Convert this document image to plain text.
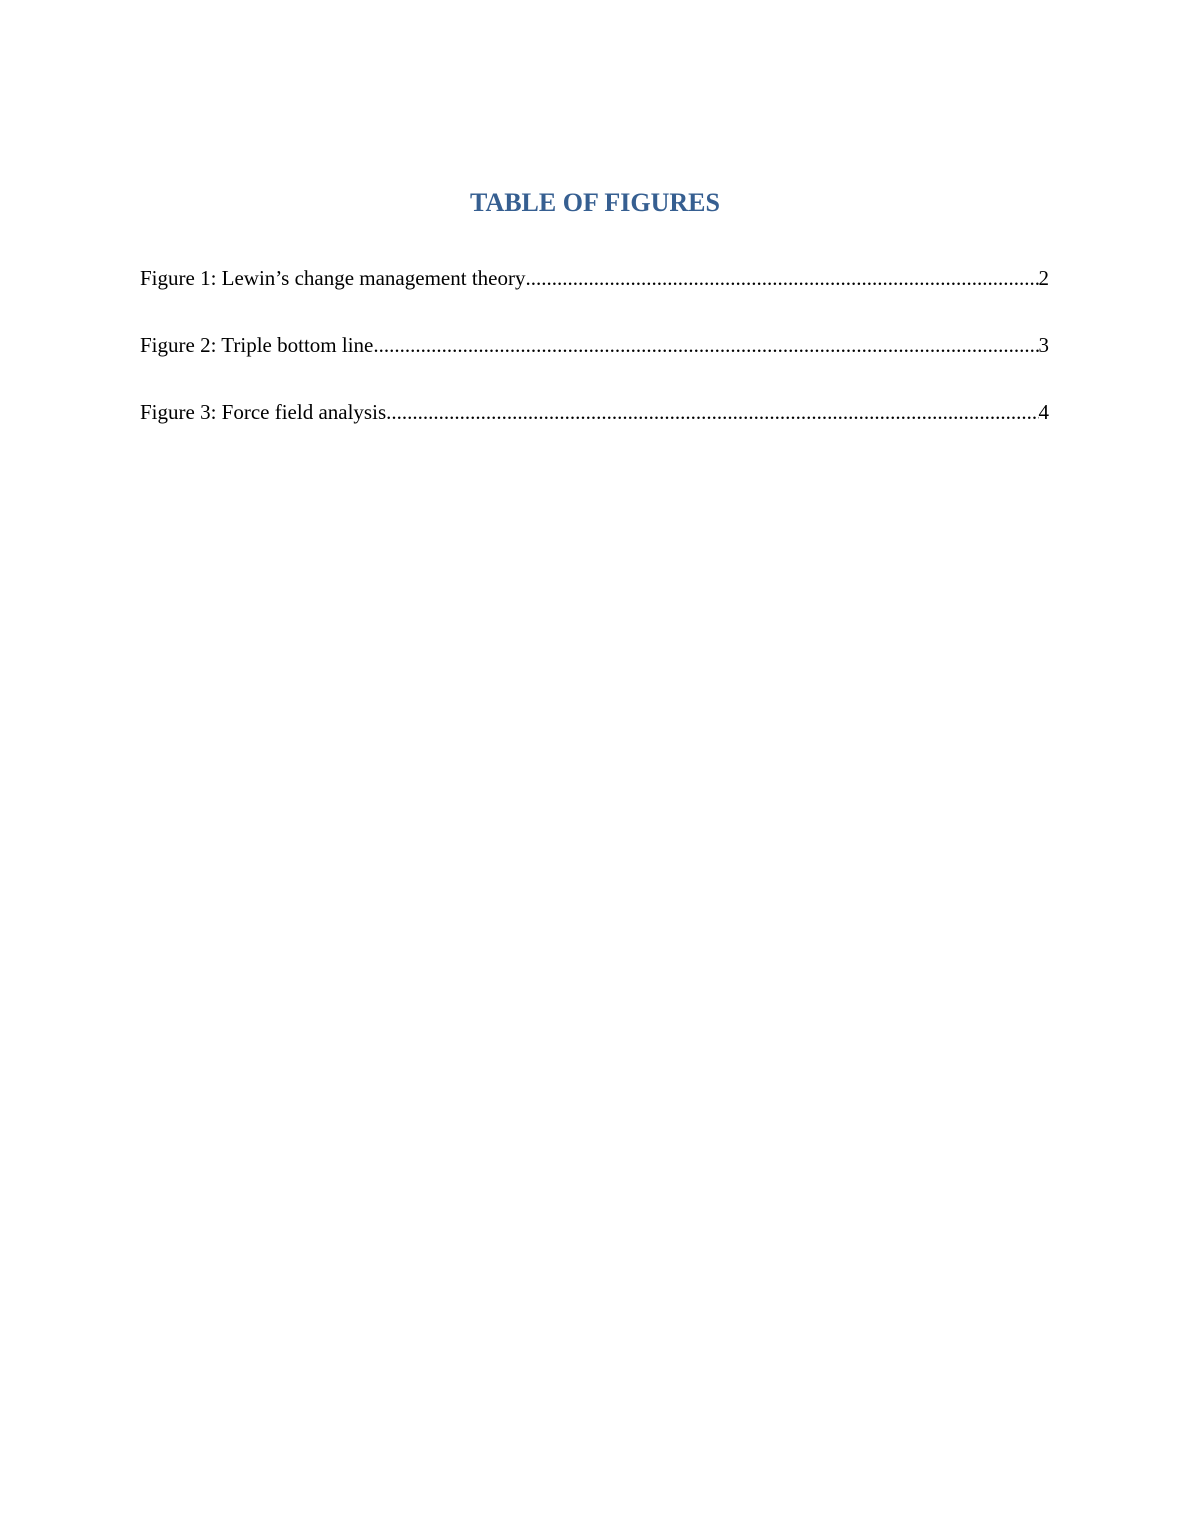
TABLE OF FIGURES
Figure 1: Lewin’s change management theory .....	2
Figure 2: Triple bottom line .....	3
Figure 3: Force field analysis .....	4
